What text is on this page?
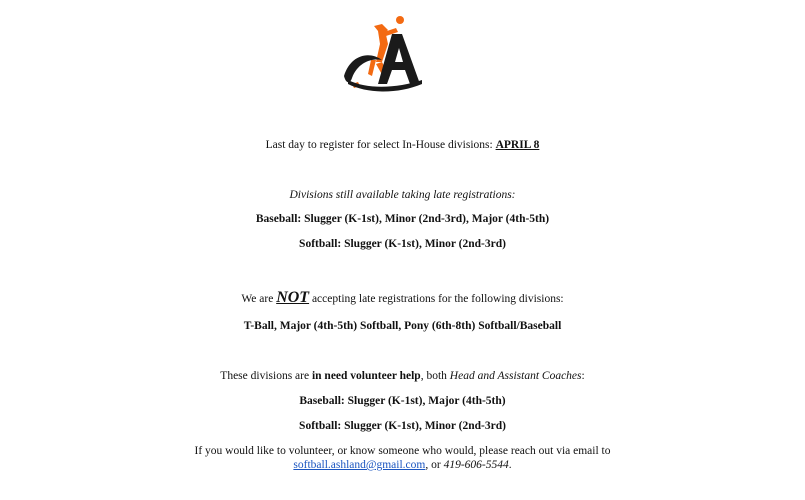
Last day to register for select In-House divisions: APRIL 8
Divisions still available taking late registrations:
Baseball: Slugger (K-1st), Minor (2nd-3rd), Major (4th-5th)
Softball: Slugger (K-1st), Minor (2nd-3rd)
We are NOT accepting late registrations for the following divisions:
T-Ball, Major (4th-5th) Softball, Pony (6th-8th) Softball/Baseball
These divisions are in need volunteer help, both Head and Assistant Coaches:
Baseball: Slugger (K-1st), Major (4th-5th)
Softball: Slugger (K-1st), Minor (2nd-3rd)
If you would like to volunteer, or know someone who would, please reach out via email to
softball.ashland@gmail.com, or 419-606-5544.
